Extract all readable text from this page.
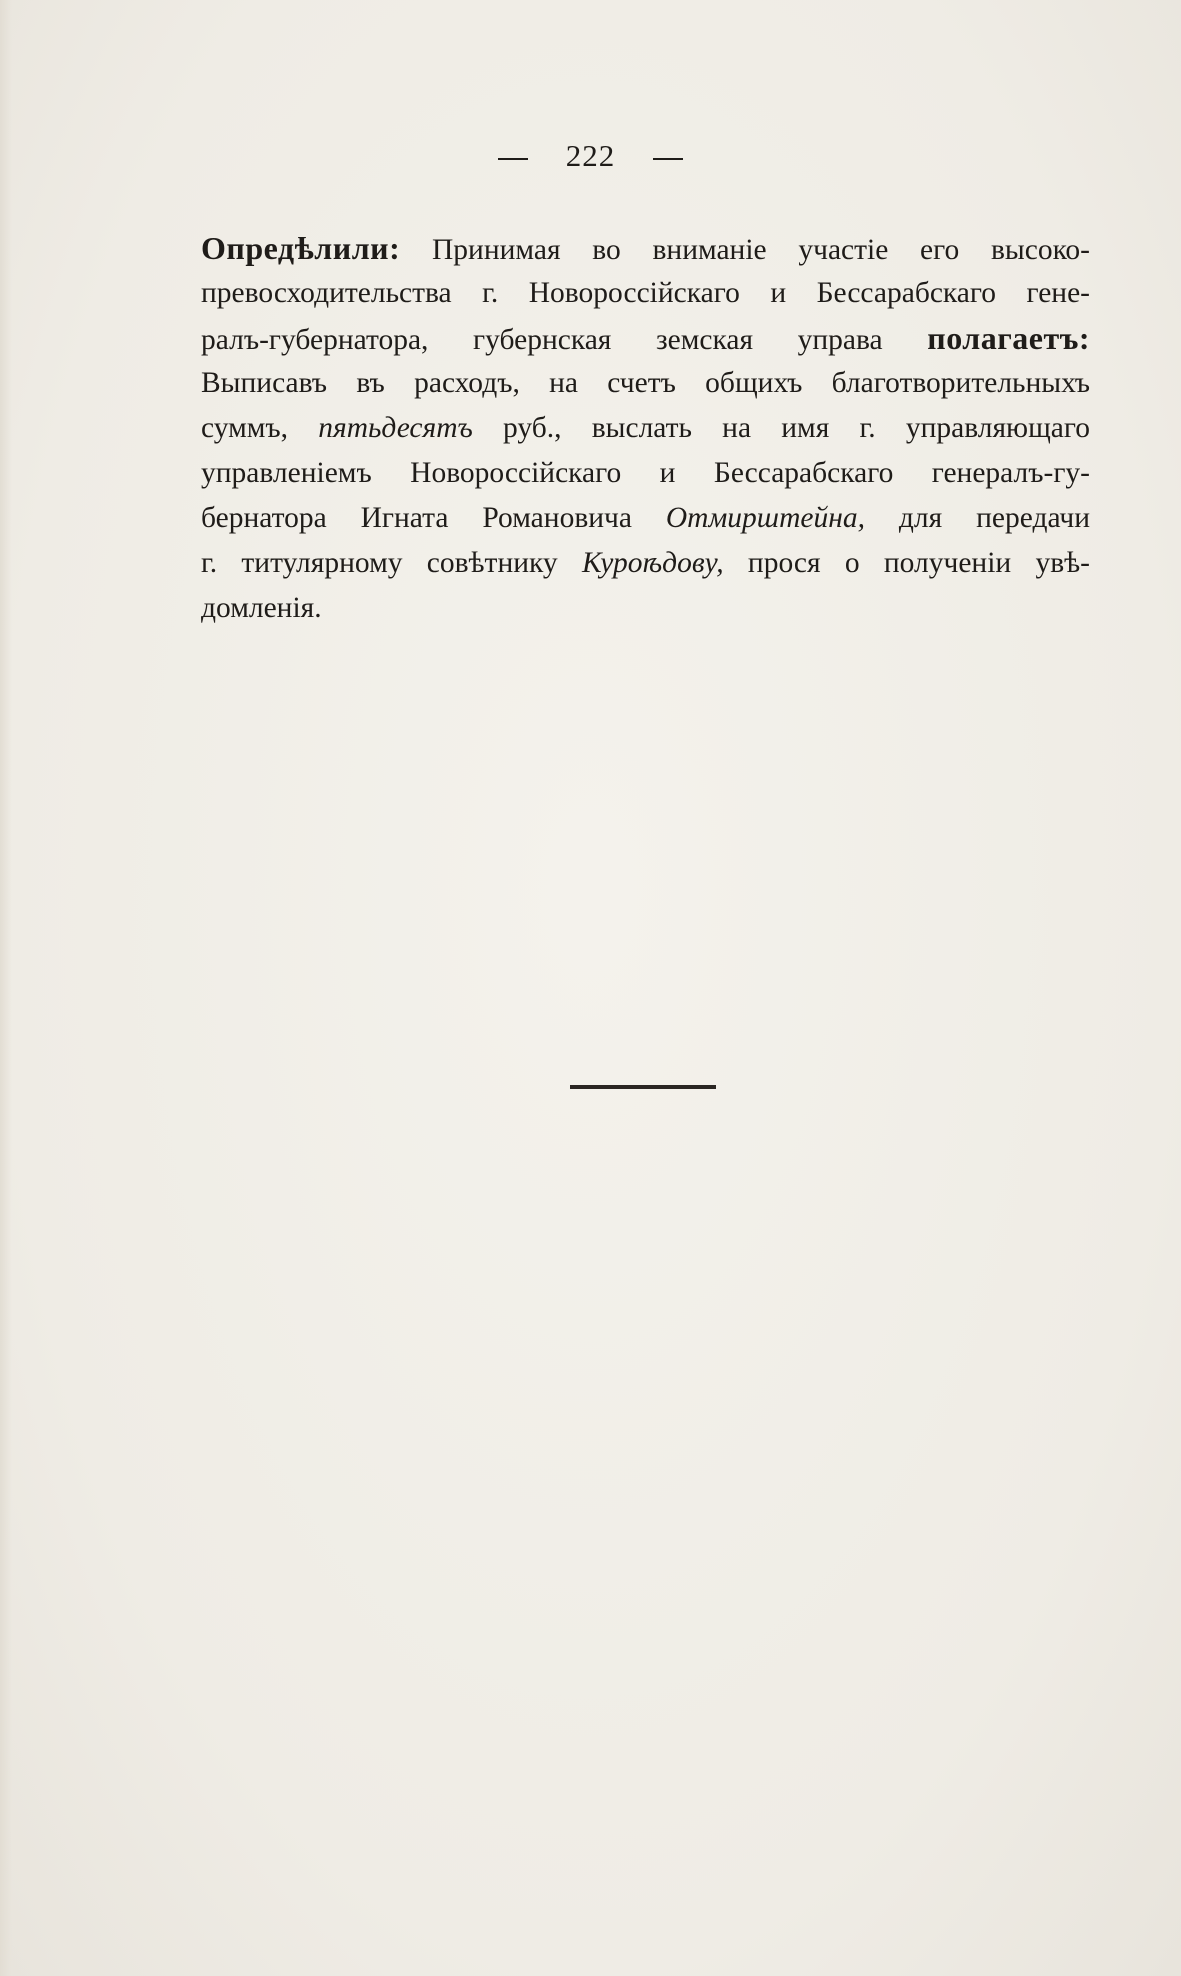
222
Опредѣлили: Принимая во вниманіе участіе его высоко-
превосходительства г. Новороссійскаго и Бессарабскаго гене-
ралъ-губернатора, губернская земская управа полагаетъ:
Выписавъ въ расходъ, на счетъ общихъ благотворительныхъ
суммъ, пятьдесятъ руб., выслать на имя г. управляющаго
управленіемъ Новороссійскаго и Бессарабскаго генералъ-гу-
бернатора Игната Романовича Отмирштейна, для передачи
г. титулярному совѣтнику Куроѣдову, прося о полученіи увѣ-
домленія.
